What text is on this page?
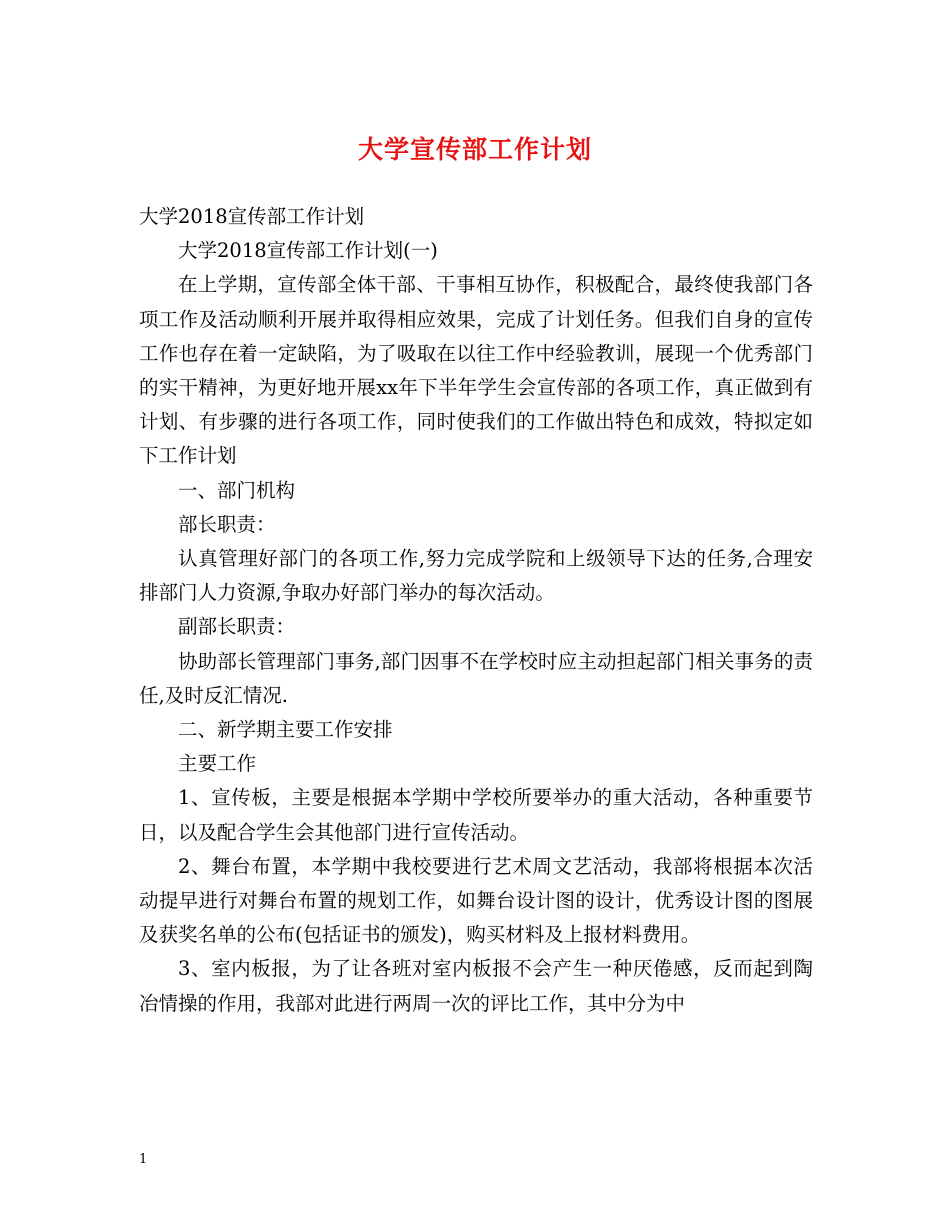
大学宣传部工作计划

大学2018宣传部工作计划

大学2018宣传部工作计划(一)

在上学期，宣传部全体干部、干事相互协作，积极配合，最终使我部门各项工作及活动顺利开展并取得相应效果，完成了计划任务。但我们自身的宣传工作也存在着一定缺陷，为了吸取在以往工作中经验教训，展现一个优秀部门的实干精神，为更好地开展xx年下半年学生会宣传部的各项工作，真正做到有计划、有步骤的进行各项工作，同时使我们的工作做出特色和成效，特拟定如下工作计划

一、部门机构

部长职责：

认真管理好部门的各项工作,努力完成学院和上级领导下达的任务,合理安排部门人力资源,争取办好部门举办的每次活动。

副部长职责：

协助部长管理部门事务,部门因事不在学校时应主动担起部门相关事务的责任,及时反汇情况.

二、新学期主要工作安排

主要工作

1、宣传板，主要是根据本学期中学校所要举办的重大活动，各种重要节日，以及配合学生会其他部门进行宣传活动。

2、舞台布置，本学期中我校要进行艺术周文艺活动，我部将根据本次活动提早进行对舞台布置的规划工作，如舞台设计图的设计，优秀设计图的图展及获奖名单的公布(包括证书的颁发)，购买材料及上报材料费用。

3、室内板报，为了让各班对室内板报不会产生一种厌倦感，反而起到陶冶情操的作用，我部对此进行两周一次的评比工作，其中分为中

1
